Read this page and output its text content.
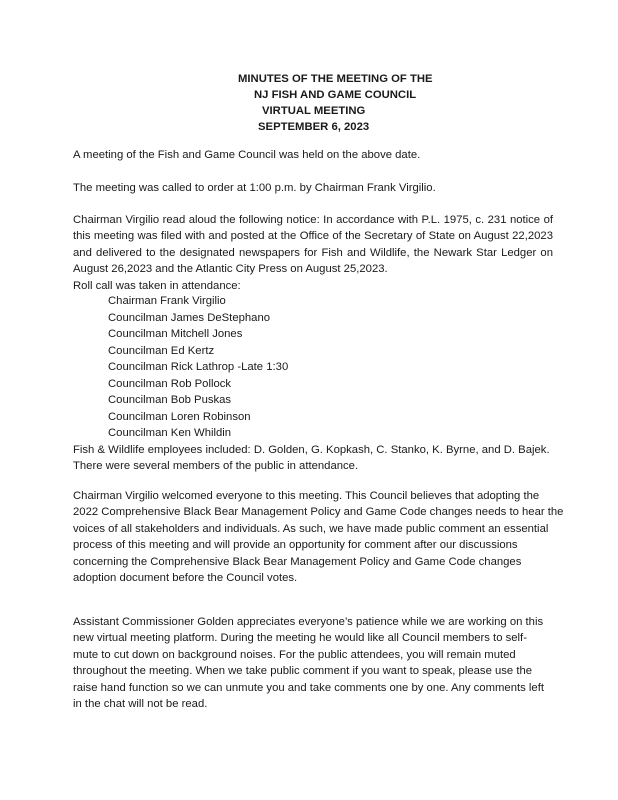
MINUTES OF THE MEETING OF THE
NJ FISH AND GAME COUNCIL
VIRTUAL MEETING
SEPTEMBER 6, 2023

A meeting of the Fish and Game Council was held on the above date.

The meeting was called to order at 1:00 p.m. by Chairman Frank Virgilio.

Chairman Virgilio read aloud the following notice: In accordance with P.L. 1975, c. 231 notice of
this meeting was filed with and posted at the Office of the Secretary of State on August 22,2023
and delivered to the designated newspapers for Fish and Wildlife, the Newark Star Ledger on
August 26,2023 and the Atlantic City Press on August 25,2023.

Roll call was taken in attendance:

Chairman Frank Virgilio
Councilman James DeStephano
Councilman Mitchell Jones
Councilman Ed Kertz
Councilman Rick Lathrop -Late 1:30
Councilman Rob Pollock
Councilman Bob Puskas
Councilman Loren Robinson
Councilman Ken Whildin

Fish & Wildlife employees included: D. Golden, G. Kopkash, C. Stanko, K. Byrne, and D. Bajek.
There were several members of the public in attendance.

Chairman Virgilio welcomed everyone to this meeting. This Council believes that adopting the
2022 Comprehensive Black Bear Management Policy and Game Code changes needs to hear the
voices of all stakeholders and individuals. As such, we have made public comment an essential
process of this meeting and will provide an opportunity for comment after our discussions
concerning the Comprehensive Black Bear Management Policy and Game Code changes
adoption document before the Council votes.

Assistant Commissioner Golden appreciates everyone’s patience while we are working on this
new virtual meeting platform. During the meeting he would like all Council members to self-
mute to cut down on background noises. For the public attendees, you will remain muted
throughout the meeting. When we take public comment if you want to speak, please use the
raise hand function so we can unmute you and take comments one by one. Any comments left
in the chat will not be read.
